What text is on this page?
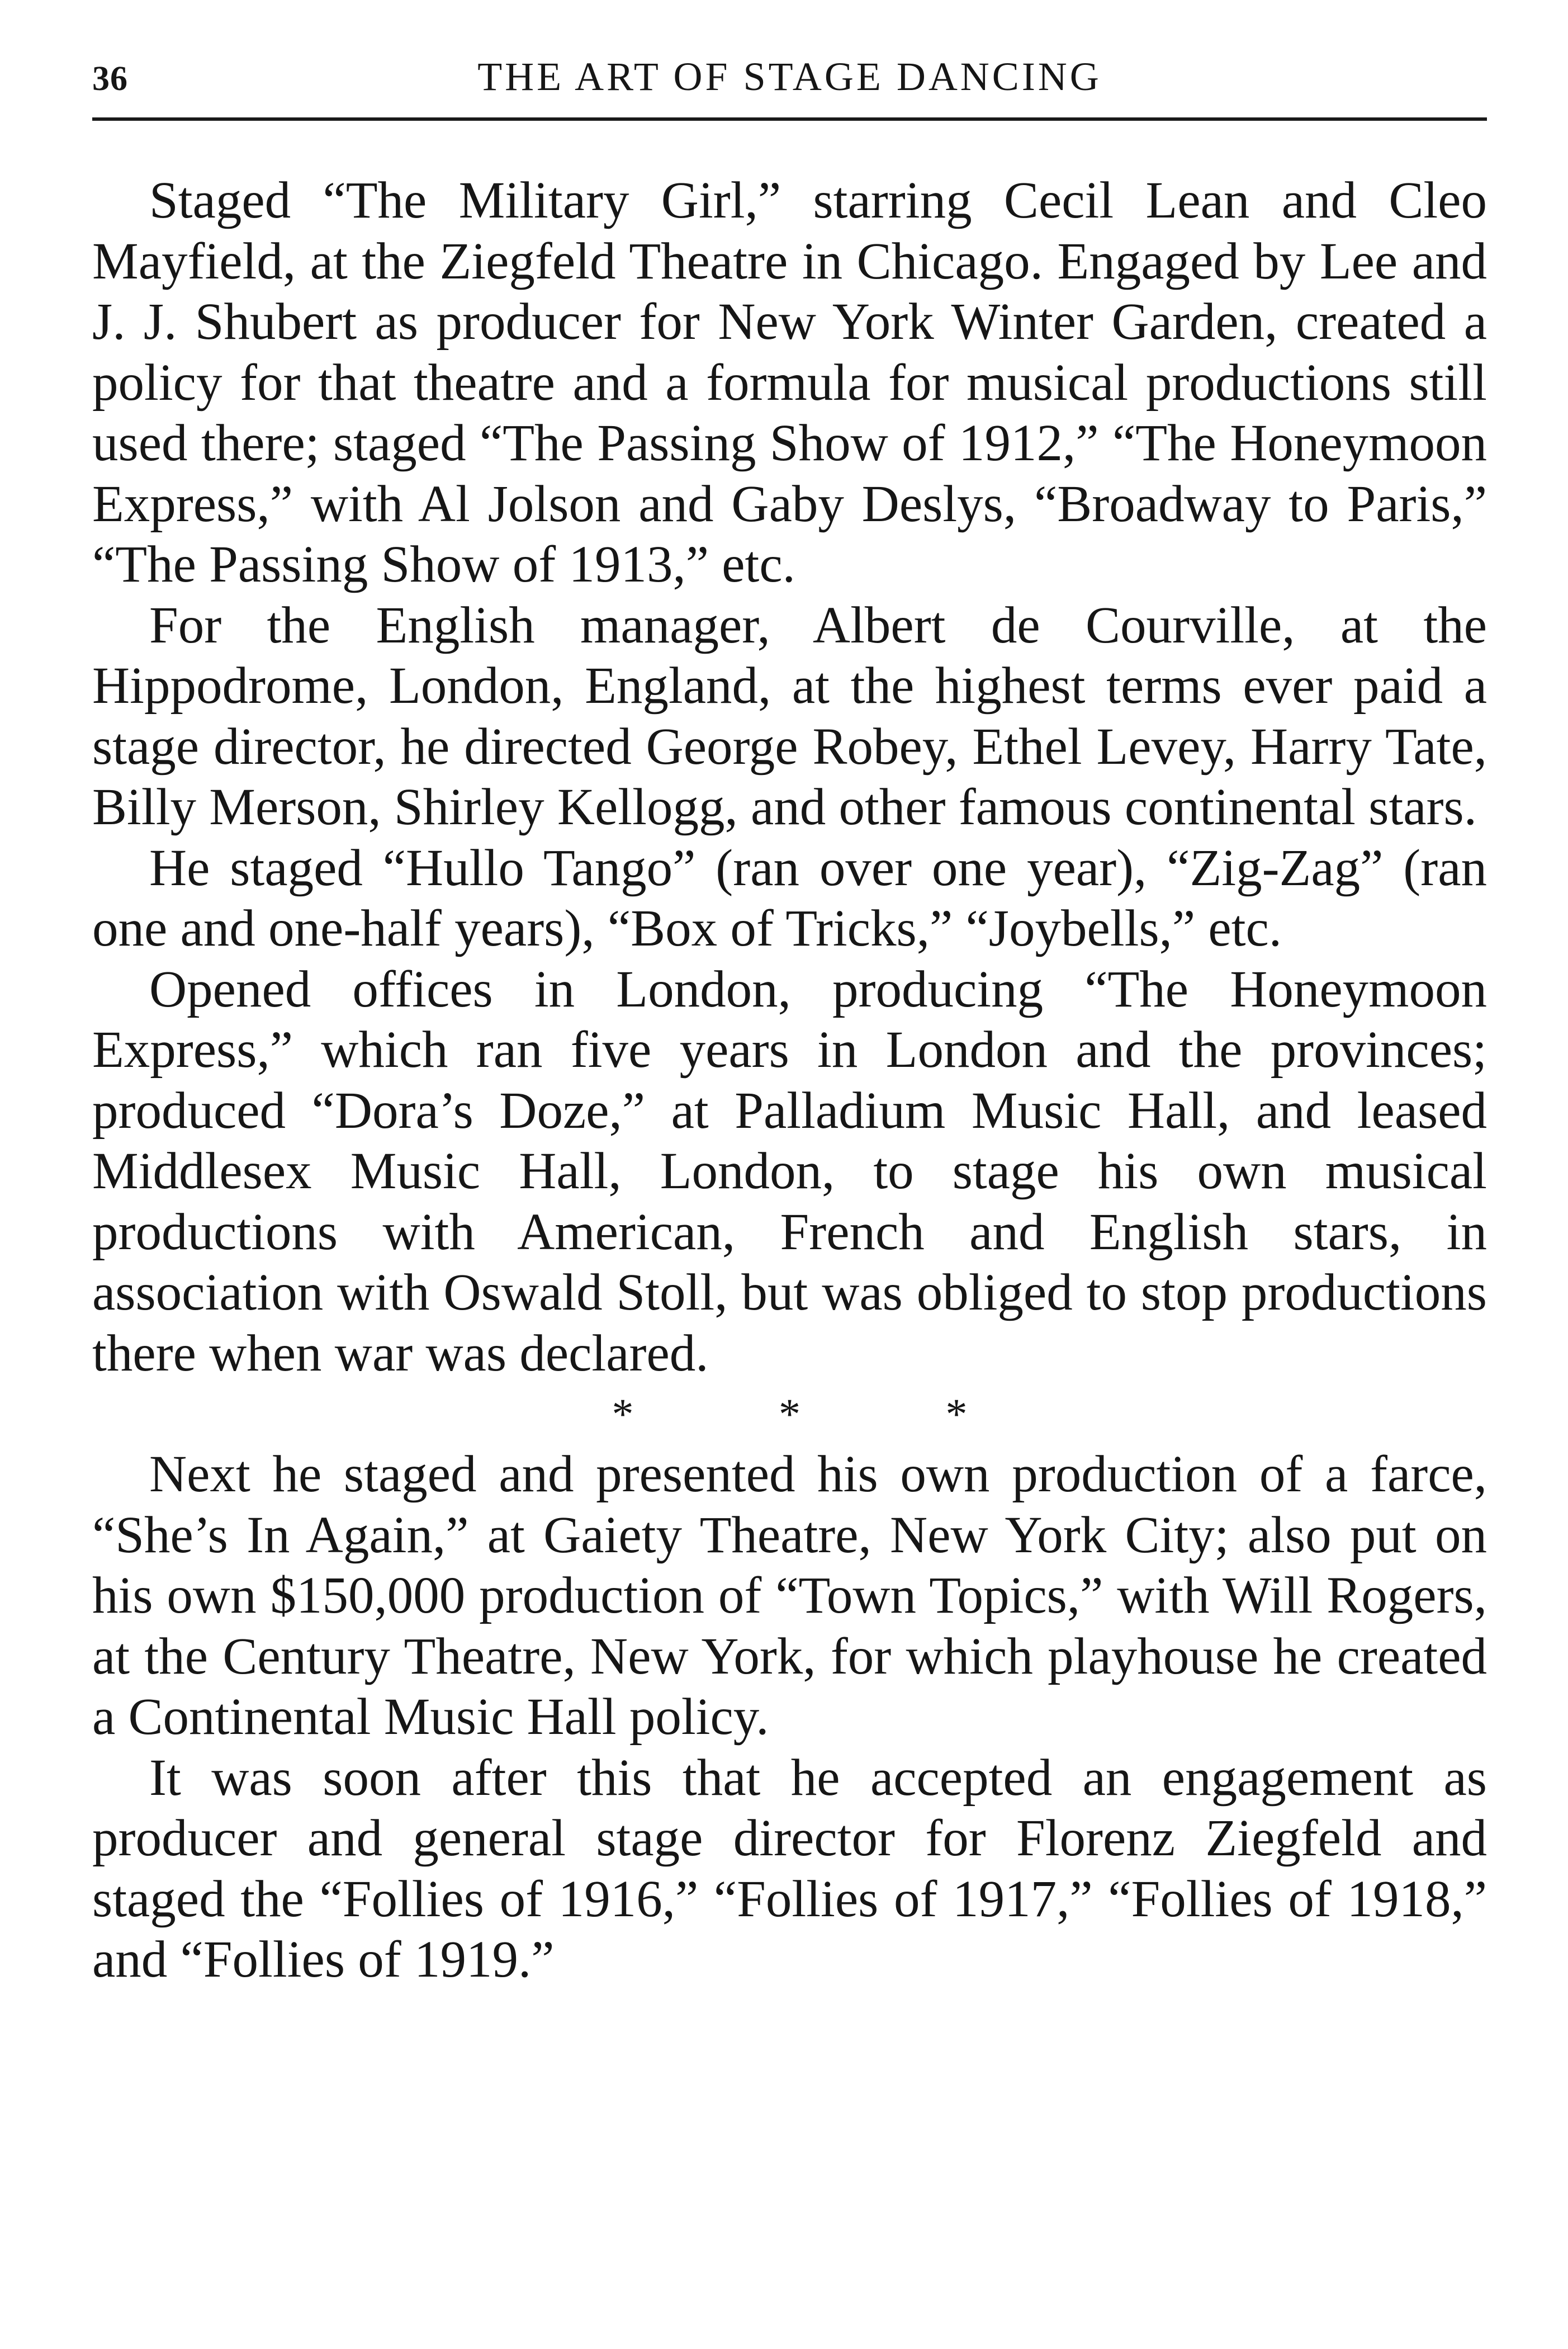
36	THE ART OF STAGE DANCING

Staged “The Military Girl,” starring Cecil Lean and Cleo Mayfield, at the Ziegfeld Theatre in Chicago. Engaged by Lee and J. J. Shubert as producer for New York Winter Garden, created a policy for that theatre and a formula for musical productions still used there; staged “The Passing Show of 1912,” “The Honeymoon Express,” with Al Jolson and Gaby Deslys, “Broadway to Paris,” “The Passing Show of 1913,” etc.

For the English manager, Albert de Courville, at the Hippodrome, London, England, at the highest terms ever paid a stage director, he directed George Robey, Ethel Levey, Harry Tate, Billy Merson, Shirley Kellogg, and other famous continental stars.

He staged “Hullo Tango” (ran over one year), “Zig-Zag” (ran one and one-half years), “Box of Tricks,” “Joybells,” etc.

Opened offices in London, producing “The Honeymoon Express,” which ran five years in London and the provinces; produced “Dora’s Doze,” at Palladium Music Hall, and leased Middlesex Music Hall, London, to stage his own musical productions with American, French and English stars, in association with Oswald Stoll, but was obliged to stop productions there when war was declared.

*	*	*

Next he staged and presented his own production of a farce, “She’s In Again,” at Gaiety Theatre, New York City; also put on his own $150,000 production of “Town Topics,” with Will Rogers, at the Century Theatre, New York, for which playhouse he created a Continental Music Hall policy.

It was soon after this that he accepted an engagement as producer and general stage director for Florenz Ziegfeld and staged the “Follies of 1916,” “Follies of 1917,” “Follies of 1918,” and “Follies of 1919.”
